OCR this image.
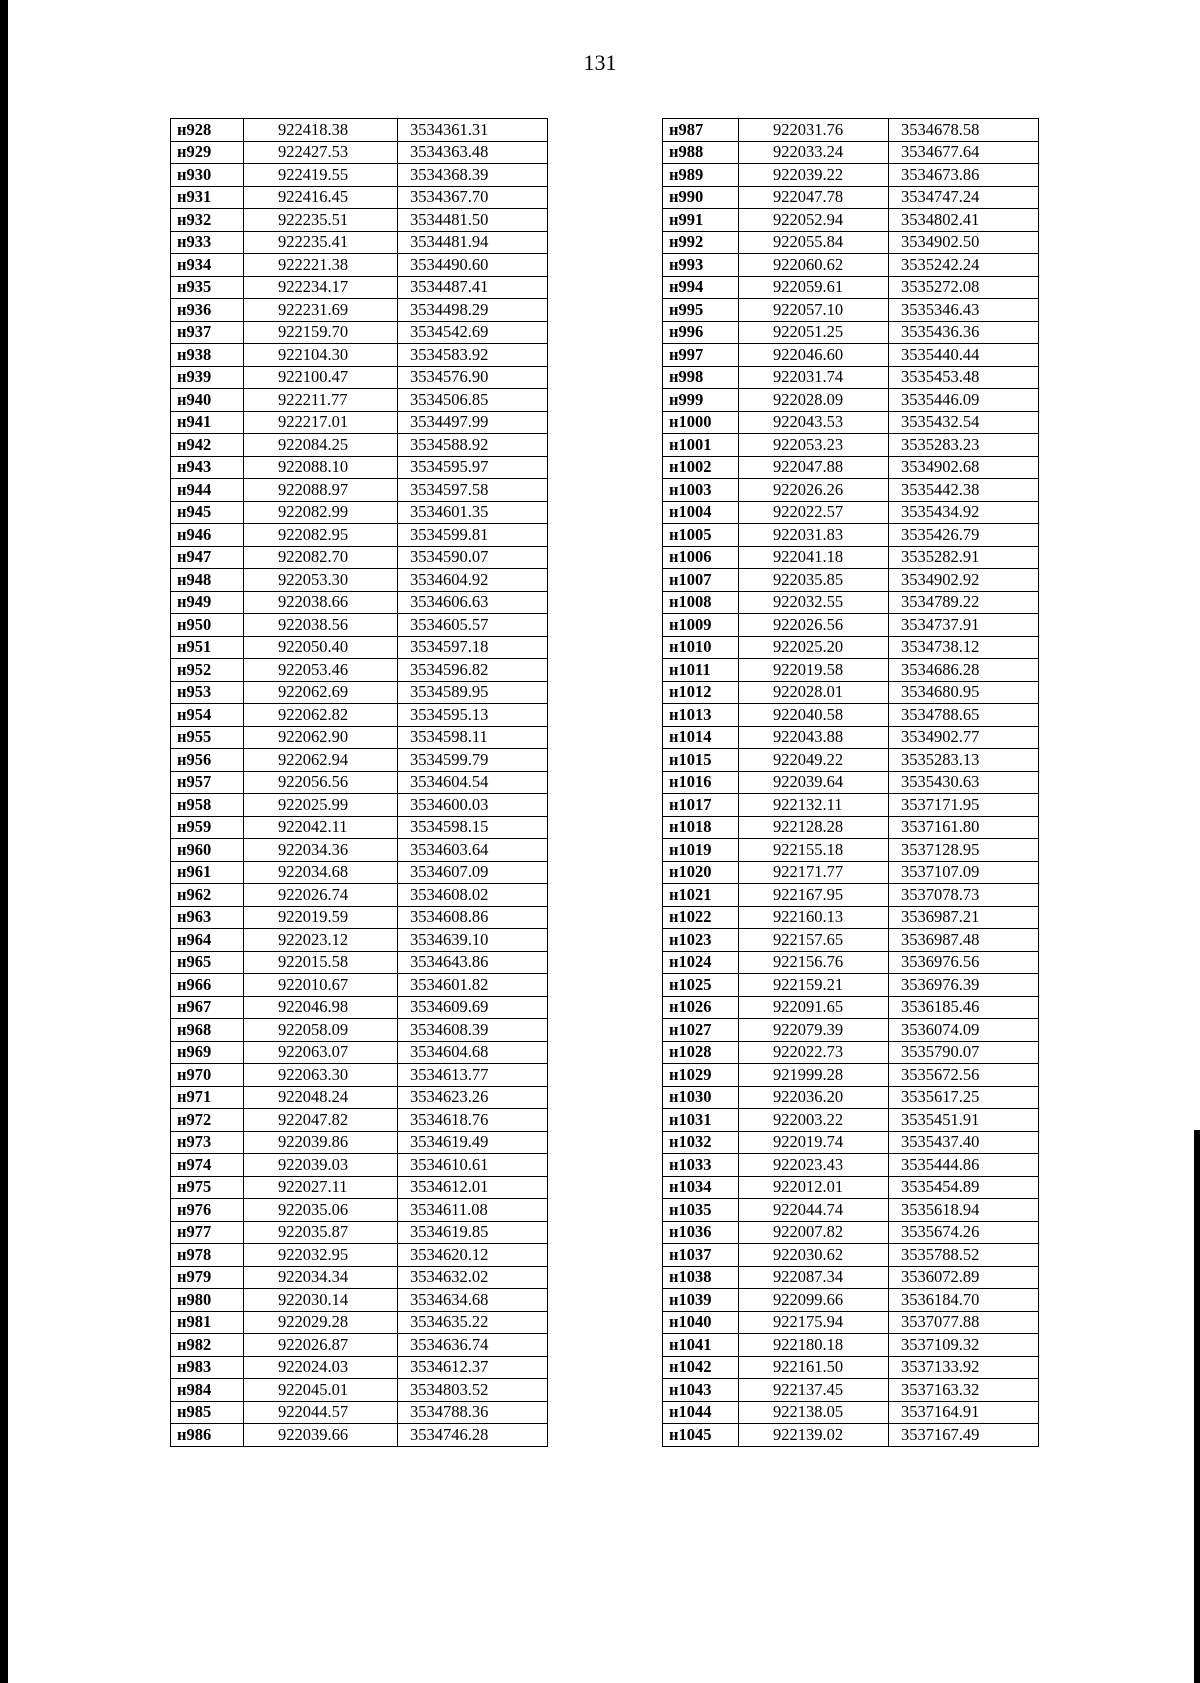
131
н928	922418.38	3534361.31
н929	922427.53	3534363.48
н930	922419.55	3534368.39
н931	922416.45	3534367.70
н932	922235.51	3534481.50
н933	922235.41	3534481.94
н934	922221.38	3534490.60
н935	922234.17	3534487.41
н936	922231.69	3534498.29
н937	922159.70	3534542.69
н938	922104.30	3534583.92
н939	922100.47	3534576.90
н940	922211.77	3534506.85
н941	922217.01	3534497.99
н942	922084.25	3534588.92
н943	922088.10	3534595.97
н944	922088.97	3534597.58
н945	922082.99	3534601.35
н946	922082.95	3534599.81
н947	922082.70	3534590.07
н948	922053.30	3534604.92
н949	922038.66	3534606.63
н950	922038.56	3534605.57
н951	922050.40	3534597.18
н952	922053.46	3534596.82
н953	922062.69	3534589.95
н954	922062.82	3534595.13
н955	922062.90	3534598.11
н956	922062.94	3534599.79
н957	922056.56	3534604.54
н958	922025.99	3534600.03
н959	922042.11	3534598.15
н960	922034.36	3534603.64
н961	922034.68	3534607.09
н962	922026.74	3534608.02
н963	922019.59	3534608.86
н964	922023.12	3534639.10
н965	922015.58	3534643.86
н966	922010.67	3534601.82
н967	922046.98	3534609.69
н968	922058.09	3534608.39
н969	922063.07	3534604.68
н970	922063.30	3534613.77
н971	922048.24	3534623.26
н972	922047.82	3534618.76
н973	922039.86	3534619.49
н974	922039.03	3534610.61
н975	922027.11	3534612.01
н976	922035.06	3534611.08
н977	922035.87	3534619.85
н978	922032.95	3534620.12
н979	922034.34	3534632.02
н980	922030.14	3534634.68
н981	922029.28	3534635.22
н982	922026.87	3534636.74
н983	922024.03	3534612.37
н984	922045.01	3534803.52
н985	922044.57	3534788.36
н986	922039.66	3534746.28
н987	922031.76	3534678.58
н988	922033.24	3534677.64
н989	922039.22	3534673.86
н990	922047.78	3534747.24
н991	922052.94	3534802.41
н992	922055.84	3534902.50
н993	922060.62	3535242.24
н994	922059.61	3535272.08
н995	922057.10	3535346.43
н996	922051.25	3535436.36
н997	922046.60	3535440.44
н998	922031.74	3535453.48
н999	922028.09	3535446.09
н1000	922043.53	3535432.54
н1001	922053.23	3535283.23
н1002	922047.88	3534902.68
н1003	922026.26	3535442.38
н1004	922022.57	3535434.92
н1005	922031.83	3535426.79
н1006	922041.18	3535282.91
н1007	922035.85	3534902.92
н1008	922032.55	3534789.22
н1009	922026.56	3534737.91
н1010	922025.20	3534738.12
н1011	922019.58	3534686.28
н1012	922028.01	3534680.95
н1013	922040.58	3534788.65
н1014	922043.88	3534902.77
н1015	922049.22	3535283.13
н1016	922039.64	3535430.63
н1017	922132.11	3537171.95
н1018	922128.28	3537161.80
н1019	922155.18	3537128.95
н1020	922171.77	3537107.09
н1021	922167.95	3537078.73
н1022	922160.13	3536987.21
н1023	922157.65	3536987.48
н1024	922156.76	3536976.56
н1025	922159.21	3536976.39
н1026	922091.65	3536185.46
н1027	922079.39	3536074.09
н1028	922022.73	3535790.07
н1029	921999.28	3535672.56
н1030	922036.20	3535617.25
н1031	922003.22	3535451.91
н1032	922019.74	3535437.40
н1033	922023.43	3535444.86
н1034	922012.01	3535454.89
н1035	922044.74	3535618.94
н1036	922007.82	3535674.26
н1037	922030.62	3535788.52
н1038	922087.34	3536072.89
н1039	922099.66	3536184.70
н1040	922175.94	3537077.88
н1041	922180.18	3537109.32
н1042	922161.50	3537133.92
н1043	922137.45	3537163.32
н1044	922138.05	3537164.91
н1045	922139.02	3537167.49
